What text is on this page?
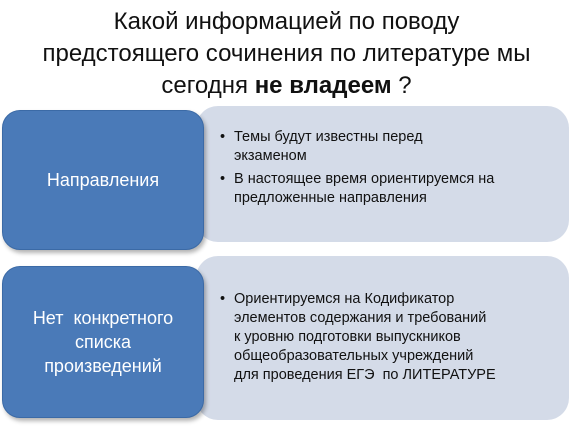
Какой информацией по поводу
предстоящего сочинения по литературе мы
сегодня не владеем ?
Направления
Нет  конкретного
списка
произведений
• Темы будут известны перед
экзаменом
• В настоящее время ориентируемся на
предложенные направления
• Ориентируемся на Кодификатор
элементов содержания и требований
к уровню подготовки выпускников
общеобразовательных учреждений
для проведения ЕГЭ  по ЛИТЕРАТУРЕ
